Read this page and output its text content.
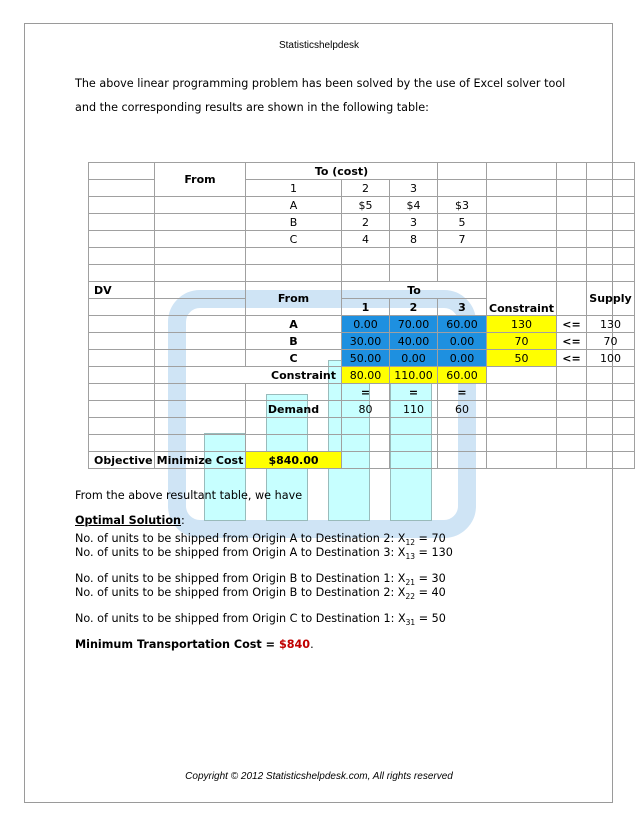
Statisticshelpdesk
The above linear programming problem has been solved by the use of Excel solver tool and the corresponding results are shown in the following table:
	From	To (cost)						
		1	2	3				
		A	$5	$4	$3			
		B	2	3	5			
		C	4	8	7			

DV		From	To			Constraint		Supply
			1	2	3			
		A	0.00	70.00	60.00	130	<=	130
		B	30.00	40.00	0.00	70	<=	70
		C	50.00	0.00	0.00	50	<=	100
	Constraint		80.00	110.00	60.00			
			=	=	=			
		Demand	80	110	60			

Objective	Minimize Cost	$840.00						
From the above resultant table, we have
Optimal Solution:
No. of units to be shipped from Origin A to Destination 2: $X_{12} = 70$
No. of units to be shipped from Origin A to Destination 3: $X_{13} = 130$
No. of units to be shipped from Origin B to Destination 1: $X_{21} = 30$
No. of units to be shipped from Origin B to Destination 2: $X_{22} = 40$
No. of units to be shipped from Origin C to Destination 1: $X_{31} = 50$
Minimum Transportation Cost = $840.
Copyright © 2012 Statisticshelpdesk.com, All rights reserved
